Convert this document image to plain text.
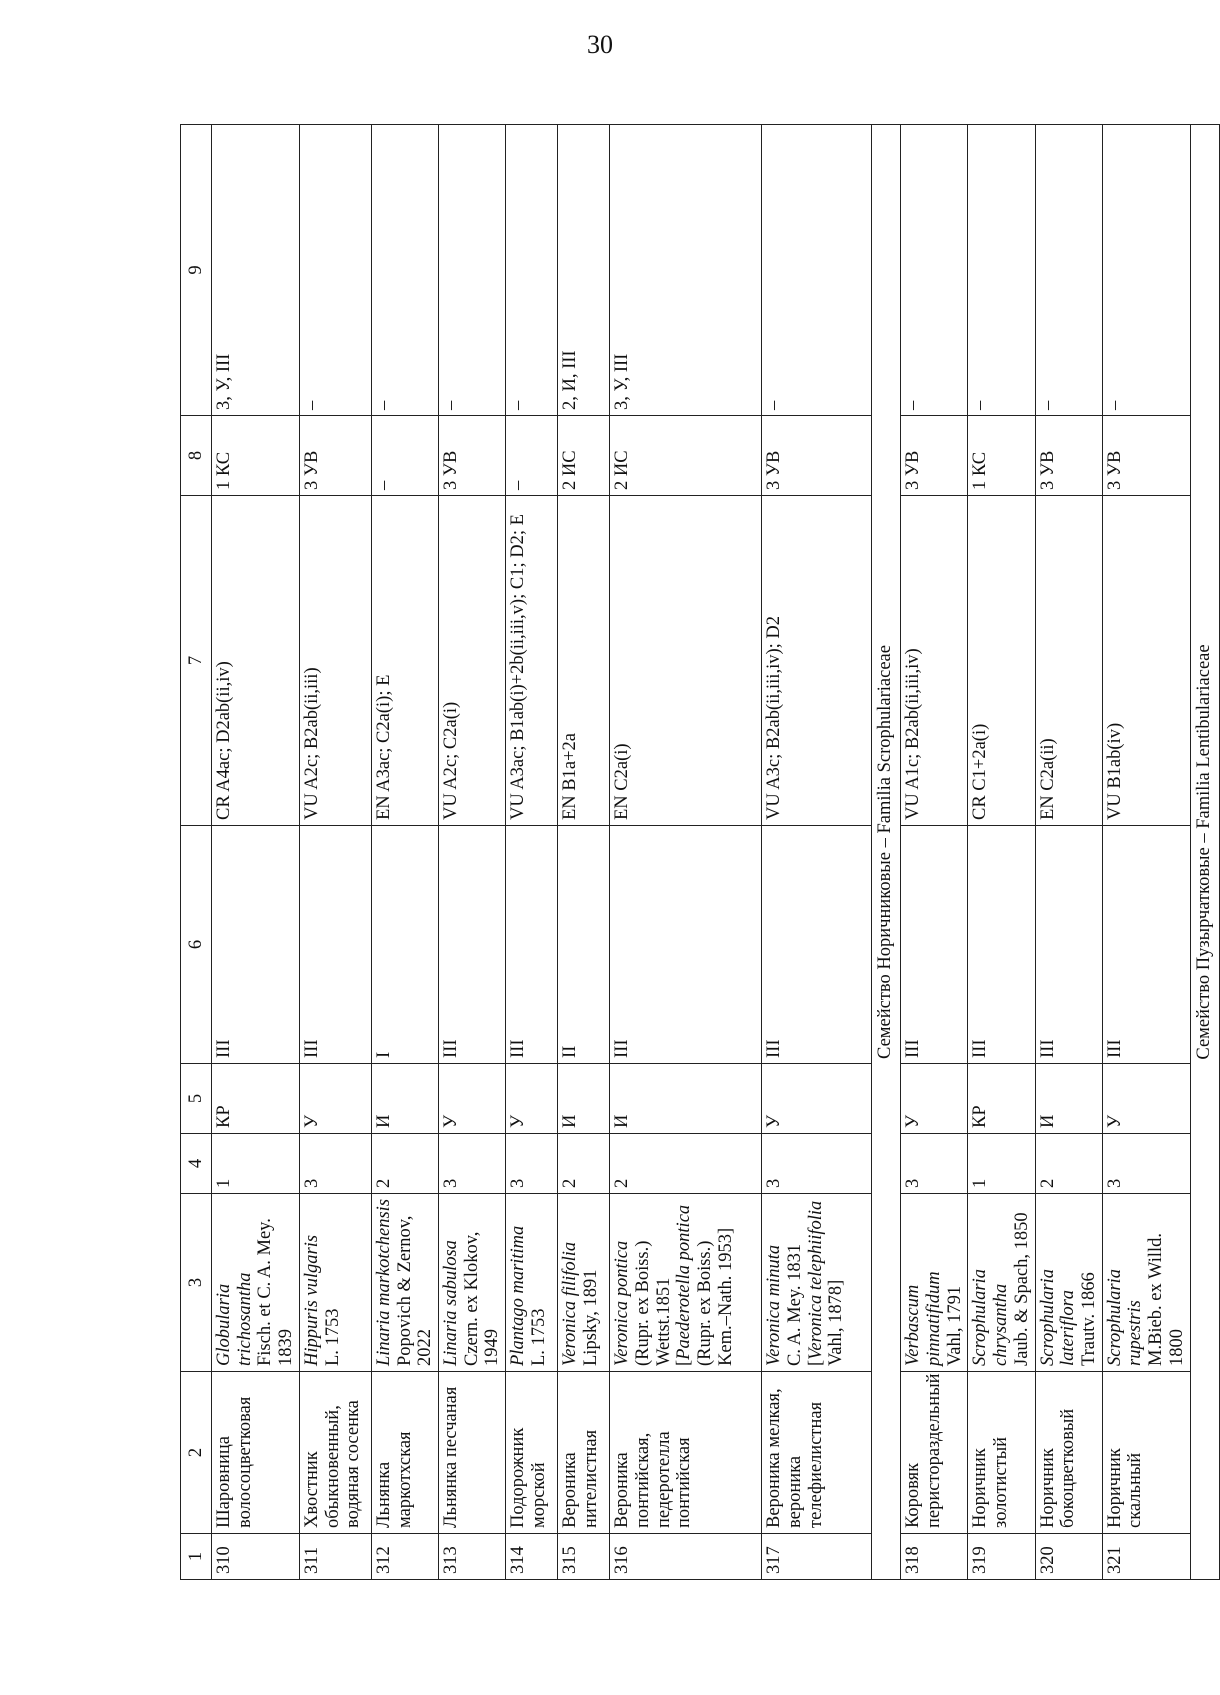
30
1	2	3	4	5	6	7	8	9
310	Шаровница волосоцветковая	Globularia trichosantha Fisch. et C. A. Mey. 1839	1	КР	III	CR A4ac; D2ab(ii,iv)	1 КС	3, У, III
311	Хвостник обыкновенный, водяная сосенка	Hippuris vulgaris L. 1753	3	У	III	VU A2c; B2ab(ii,iii)	3 УВ	–
312	Льнянка маркотхская	Linaria markotchensis Popovich & Zernov, 2022	2	И	I	EN A3ac; C2a(i); E	–	–
313	Льнянка песчаная	Linaria sabulosa Czern. ex Klokov, 1949	3	У	III	VU A2c; C2a(i)	3 УВ	–
314	Подорожник морской	Plantago maritima L. 1753	3	У	III	VU A3ac; B1ab(i)+2b(ii,iii,v); C1; D2; E	–	–
315	Вероника нителистная	Veronica filifolia Lipsky, 1891	2	И	II	EN B1a+2a	2 ИС	2, И, III
316	Вероника понтийская, педеротелла понтийская	Veronica pontica (Rupr. ex Boiss.) Wettst.1851 [Paederotella pontica (Rupr. ex Boiss.) Kem.–Nath. 1953]	2	И	III	EN C2a(i)	2 ИС	3, У, III
317	Вероника мелкая, вероника телефиелистная	Veronica minuta C. A. Mey. 1831 [Veronica telephiifolia Vahl, 1878]	3	У	III	VU A3c; B2ab(ii,iii,iv); D2	3 УВ	–
Семейство Норичниковые – Familia Scrophulariaceae								
318	Коровяк перистораздельный	Verbascum pinnatifidum Vahl, 1791	3	У	III	VU A1c; B2ab(ii,iii,iv)	3 УВ	–
319	Норичник золотистый	Scrophularia chrysantha Jaub. & Spach, 1850	1	КР	III	CR C1+2a(i)	1 КС	–
320	Норичник бокоцветковый	Scrophularia lateriflora Trautv. 1866	2	И	III	EN C2a(ii)	3 УВ	–
321	Норичник скальный	Scrophularia rupestris M.Bieb. ex Willd. 1800	3	У	III	VU B1ab(iv)	3 УВ	–
Семейство Пузырчатковые – Familia Lentibulariaceae								
